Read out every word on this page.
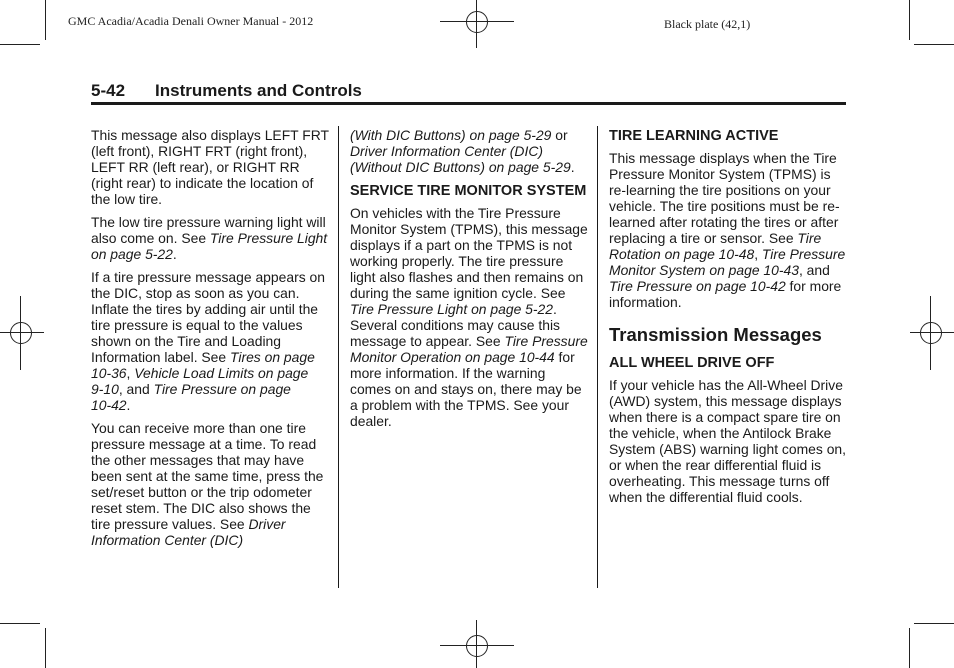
GMC Acadia/Acadia Denali Owner Manual - 2012	Black plate (42,1)
5-42 Instruments and Controls

This message also displays LEFT FRT (left front), RIGHT FRT (right front), LEFT RR (left rear), or RIGHT RR (right rear) to indicate the location of the low tire.

The low tire pressure warning light will also come on. See Tire Pressure Light on page 5‑22.

If a tire pressure message appears on the DIC, stop as soon as you can. Inflate the tires by adding air until the tire pressure is equal to the values shown on the Tire and Loading Information label. See Tires on page 10‑36, Vehicle Load Limits on page 9‑10, and Tire Pressure on page 10‑42.

You can receive more than one tire pressure message at a time. To read the other messages that may have been sent at the same time, press the set/reset button or the trip odometer reset stem. The DIC also shows the tire pressure values. See Driver Information Center (DIC)

(With DIC Buttons) on page 5‑29 or Driver Information Center (DIC) (Without DIC Buttons) on page 5‑29.

SERVICE TIRE MONITOR SYSTEM

On vehicles with the Tire Pressure Monitor System (TPMS), this message displays if a part on the TPMS is not working properly. The tire pressure light also flashes and then remains on during the same ignition cycle. See Tire Pressure Light on page 5‑22. Several conditions may cause this message to appear. See Tire Pressure Monitor Operation on page 10‑44 for more information. If the warning comes on and stays on, there may be a problem with the TPMS. See your dealer.

TIRE LEARNING ACTIVE

This message displays when the Tire Pressure Monitor System (TPMS) is re-learning the tire positions on your vehicle. The tire positions must be re-learned after rotating the tires or after replacing a tire or sensor. See Tire Rotation on page 10‑48, Tire Pressure Monitor System on page 10‑43, and Tire Pressure on page 10‑42 for more information.

Transmission Messages
ALL WHEEL DRIVE OFF

If your vehicle has the All-Wheel Drive (AWD) system, this message displays when there is a compact spare tire on the vehicle, when the Antilock Brake System (ABS) warning light comes on, or when the rear differential fluid is overheating. This message turns off when the differential fluid cools.
